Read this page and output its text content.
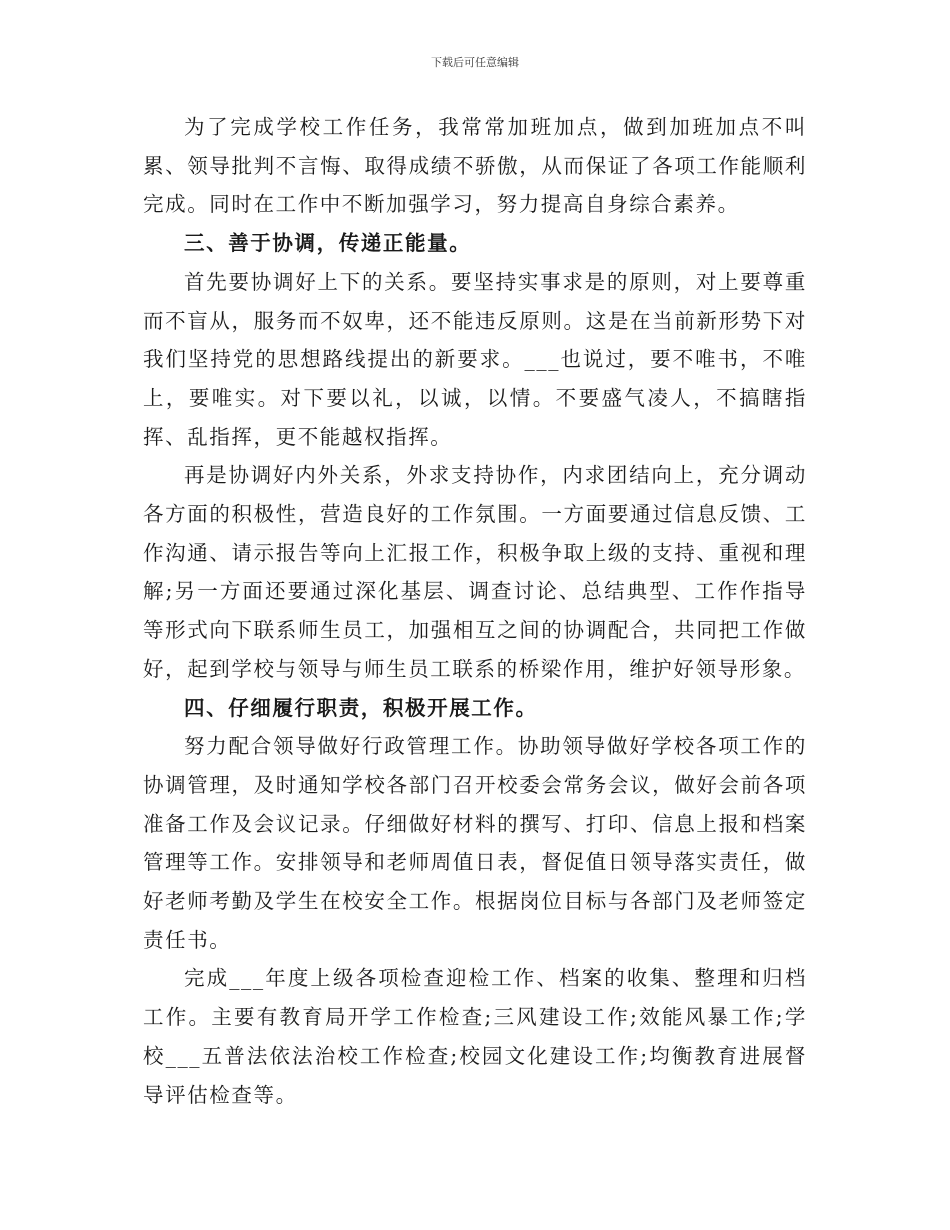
下载后可任意编辑

为了完成学校工作任务，我常常加班加点，做到加班加点不叫累、领导批判不言悔、取得成绩不骄傲，从而保证了各项工作能顺利完成。同时在工作中不断加强学习，努力提高自身综合素养。

三、善于协调，传递正能量。

首先要协调好上下的关系。要坚持实事求是的原则，对上要尊重而不盲从，服务而不奴卑，还不能违反原则。这是在当前新形势下对我们坚持党的思想路线提出的新要求。___也说过，要不唯书，不唯上，要唯实。对下要以礼，以诚，以情。不要盛气凌人，不搞瞎指挥、乱指挥，更不能越权指挥。

再是协调好内外关系，外求支持协作，内求团结向上，充分调动各方面的积极性，营造良好的工作氛围。一方面要通过信息反馈、工作沟通、请示报告等向上汇报工作，积极争取上级的支持、重视和理解;另一方面还要通过深化基层、调查讨论、总结典型、工作作指导等形式向下联系师生员工，加强相互之间的协调配合，共同把工作做好，起到学校与领导与师生员工联系的桥梁作用，维护好领导形象。

四、仔细履行职责，积极开展工作。

努力配合领导做好行政管理工作。协助领导做好学校各项工作的协调管理，及时通知学校各部门召开校委会常务会议，做好会前各项准备工作及会议记录。仔细做好材料的撰写、打印、信息上报和档案管理等工作。安排领导和老师周值日表，督促值日领导落实责任，做好老师考勤及学生在校安全工作。根据岗位目标与各部门及老师签定责任书。

完成___年度上级各项检查迎检工作、档案的收集、整理和归档工作。主要有教育局开学工作检查;三风建设工作;效能风暴工作;学校___五普法依法治校工作检查;校园文化建设工作;均衡教育进展督导评估检查等。
